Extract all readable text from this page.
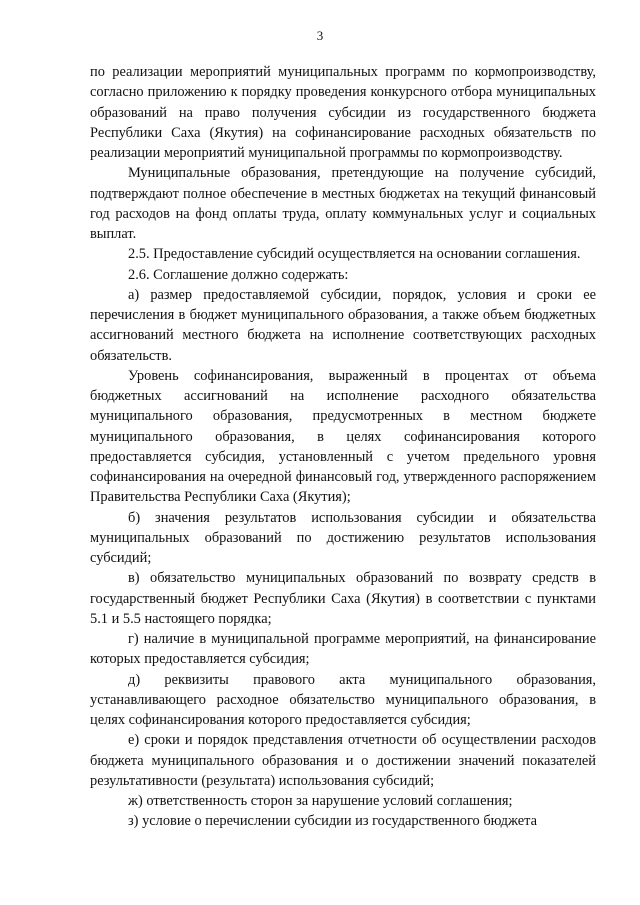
3

по реализации мероприятий муниципальных программ по кормопроизводству, согласно приложению к порядку проведения конкурсного отбора муниципальных образований на право получения субсидии из государственного бюджета Республики Саха (Якутия) на софинансирование расходных обязательств по реализации мероприятий муниципальной программы по кормопроизводству.

Муниципальные образования, претендующие на получение субсидий, подтверждают полное обеспечение в местных бюджетах на текущий финансовый год расходов на фонд оплаты труда, оплату коммунальных услуг и социальных выплат.

2.5. Предоставление субсидий осуществляется на основании соглашения.

2.6. Соглашение должно содержать:

а) размер предоставляемой субсидии, порядок, условия и сроки ее перечисления в бюджет муниципального образования, а также объем бюджетных ассигнований местного бюджета на исполнение соответствующих расходных обязательств.

Уровень софинансирования, выраженный в процентах от объема бюджетных ассигнований на исполнение расходного обязательства муниципального образования, предусмотренных в местном бюджете муниципального образования, в целях софинансирования которого предоставляется субсидия, установленный с учетом предельного уровня софинансирования на очередной финансовый год, утвержденного распоряжением Правительства Республики Саха (Якутия);

б) значения результатов использования субсидии и обязательства муниципальных образований по достижению результатов использования субсидий;

в) обязательство муниципальных образований по возврату средств в государственный бюджет Республики Саха (Якутия) в соответствии с пунктами 5.1 и 5.5 настоящего порядка;

г) наличие в муниципальной программе мероприятий, на финансирование которых предоставляется субсидия;

д) реквизиты правового акта муниципального образования, устанавливающего расходное обязательство муниципального образования, в целях софинансирования которого предоставляется субсидия;

е) сроки и порядок представления отчетности об осуществлении расходов бюджета муниципального образования и о достижении значений показателей результативности (результата) использования субсидий;

ж) ответственность сторон за нарушение условий соглашения;

з) условие о перечислении субсидии из государственного бюджета
